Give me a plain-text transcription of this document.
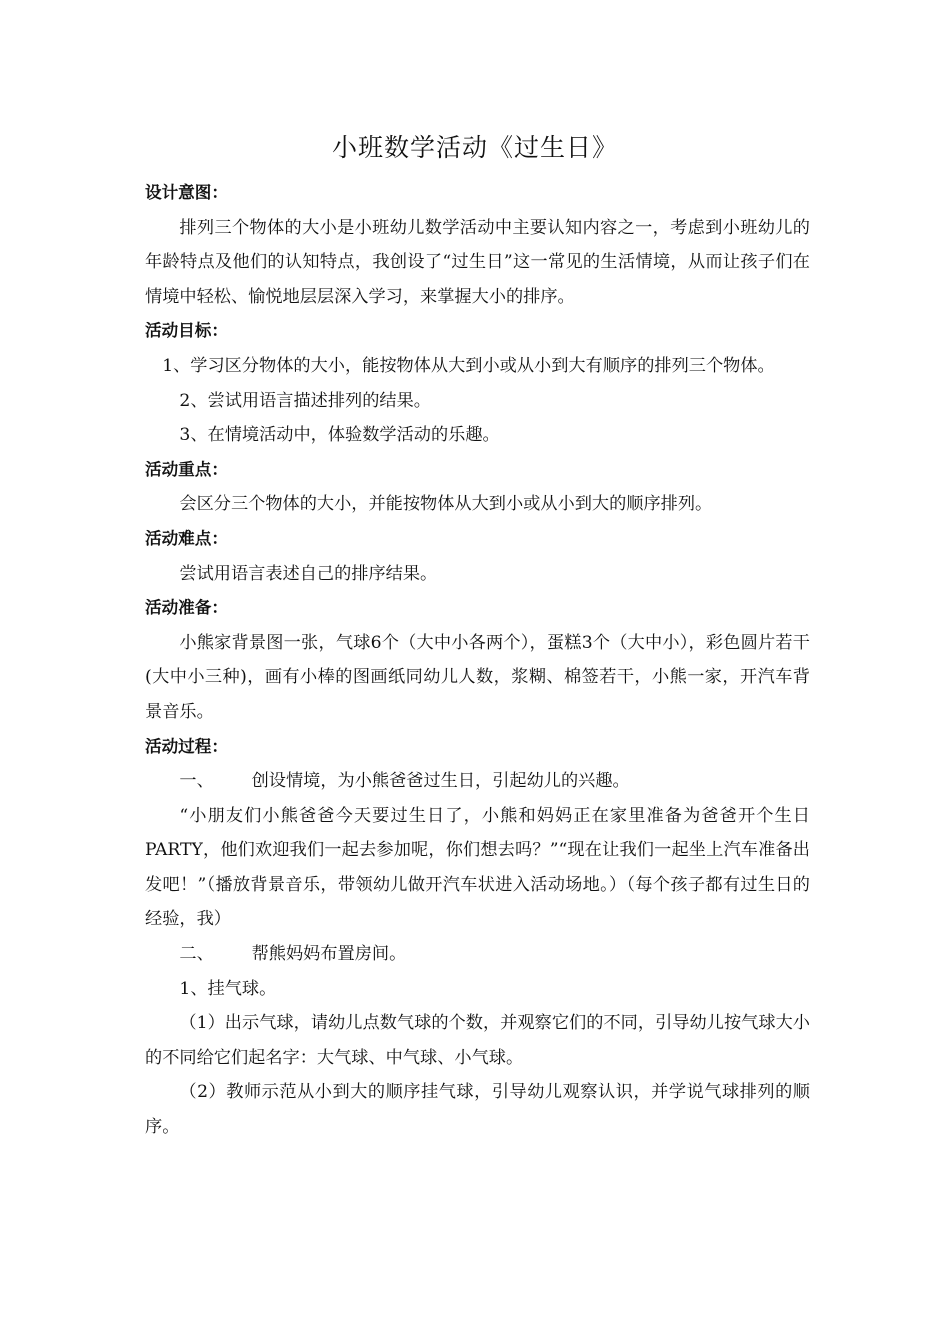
小班数学活动《过生日》

设计意图：

排列三个物体的大小是小班幼儿数学活动中主要认知内容之一，考虑到小班幼儿的年龄特点及他们的认知特点，我创设了“过生日”这一常见的生活情境，从而让孩子们在情境中轻松、愉悦地层层深入学习，来掌握大小的排序。

活动目标：

1、学习区分物体的大小，能按物体从大到小或从小到大有顺序的排列三个物体。

2、尝试用语言描述排列的结果。

3、在情境活动中，体验数学活动的乐趣。

活动重点：

会区分三个物体的大小，并能按物体从大到小或从小到大的顺序排列。

活动难点：

尝试用语言表述自己的排序结果。

活动准备：

小熊家背景图一张，气球6个（大中小各两个），蛋糕3个（大中小），彩色圆片若干(大中小三种)，画有小棒的图画纸同幼儿人数，浆糊、棉签若干，小熊一家，开汽车背景音乐。

活动过程：

一、 创设情境，为小熊爸爸过生日，引起幼儿的兴趣。

“小朋友们小熊爸爸今天要过生日了，小熊和妈妈正在家里准备为爸爸开个生日PARTY，他们欢迎我们一起去参加呢，你们想去吗？”“现在让我们一起坐上汽车准备出发吧！”（播放背景音乐，带领幼儿做开汽车状进入活动场地。）（每个孩子都有过生日的经验，我）

二、 帮熊妈妈布置房间。

1、挂气球。

（1）出示气球，请幼儿点数气球的个数，并观察它们的不同，引导幼儿按气球大小的不同给它们起名字：大气球、中气球、小气球。

（2）教师示范从小到大的顺序挂气球，引导幼儿观察认识，并学说气球排列的顺序。
